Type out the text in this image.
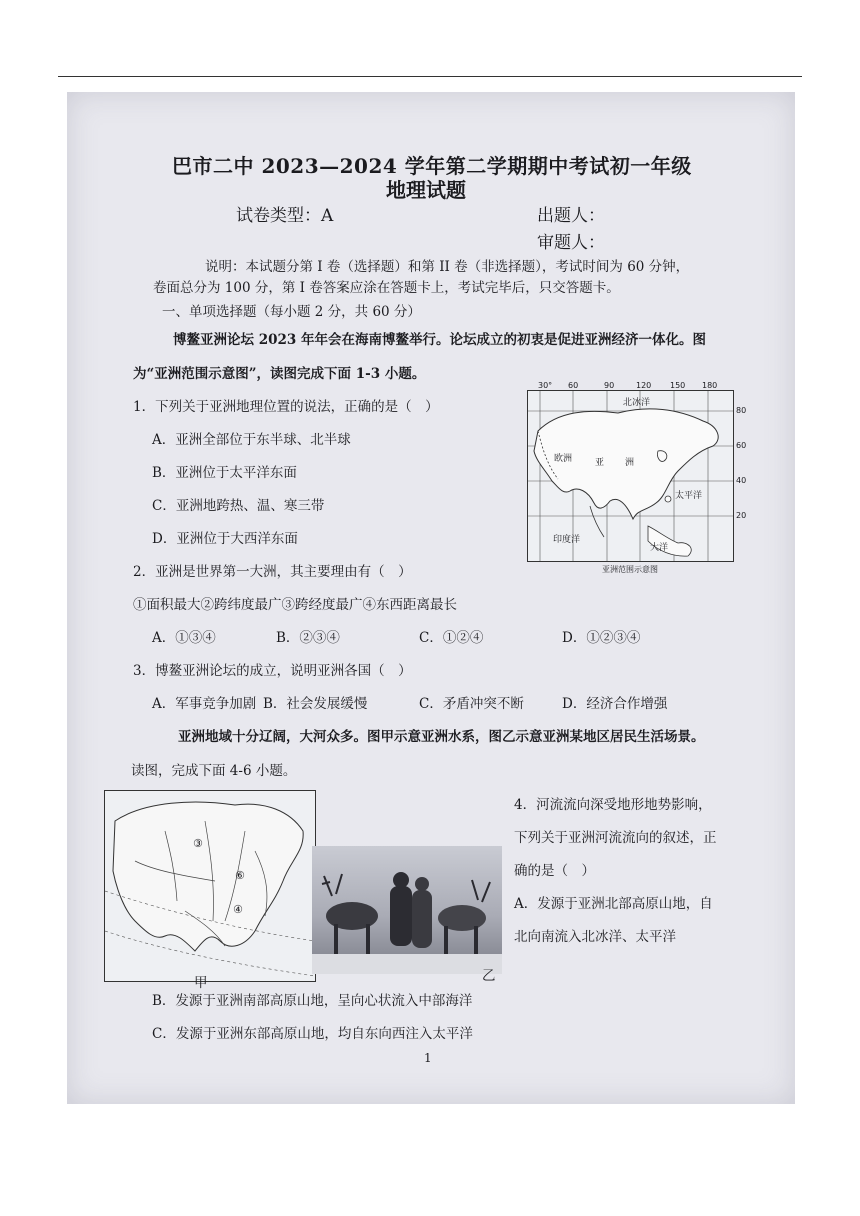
巴市二中 2023—2024 学年第二学期期中考试初一年级
地理试题
试卷类型：A	出题人：
审题人：
说明：本试题分第 I 卷（选择题）和第 II 卷（非选择题），考试时间为 60 分钟，
卷面总分为 100 分，第 I 卷答案应涂在答题卡上，考试完毕后，只交答题卡。
一、单项选择题（每小题 2 分，共 60 分）
博鳌亚洲论坛 2023 年年会在海南博鳌举行。论坛成立的初衷是促进亚洲经济一体化。图
为“亚洲范围示意图”，读图完成下面 1-3 小题。
1．下列关于亚洲地理位置的说法，正确的是（　）
A．亚洲全部位于东半球、北半球
B．亚洲位于太平洋东面
C．亚洲地跨热、温、寒三带
D．亚洲位于大西洋东面
30° 60	90	120 150 180
北冰洋
欧洲	亚 洲
太平洋
印度洋
大洋
80
60
40
20
亚洲范围示意图
2．亚洲是世界第一大洲，其主要理由有（　）
①面积最大②跨纬度最广③跨经度最广④东西距离最长
A．①③④	B．②③④	C．①②④	D．①②③④
3．博鳌亚洲论坛的成立，说明亚洲各国（　）
A．军事竞争加剧 B．社会发展缓慢	C．矛盾冲突不断	D．经济合作增强
亚洲地域十分辽阔，大河众多。图甲示意亚洲水系，图乙示意亚洲某地区居民生活场景。
读图，完成下面 4-6 小题。
③
⑥
④
甲	乙
4．河流流向深受地形地势影响，
下列关于亚洲河流流向的叙述，正
确的是（　）
A．发源于亚洲北部高原山地，自
北向南流入北冰洋、太平洋
B．发源于亚洲南部高原山地，呈向心状流入中部海洋
C．发源于亚洲东部高原山地，均自东向西注入太平洋
1
